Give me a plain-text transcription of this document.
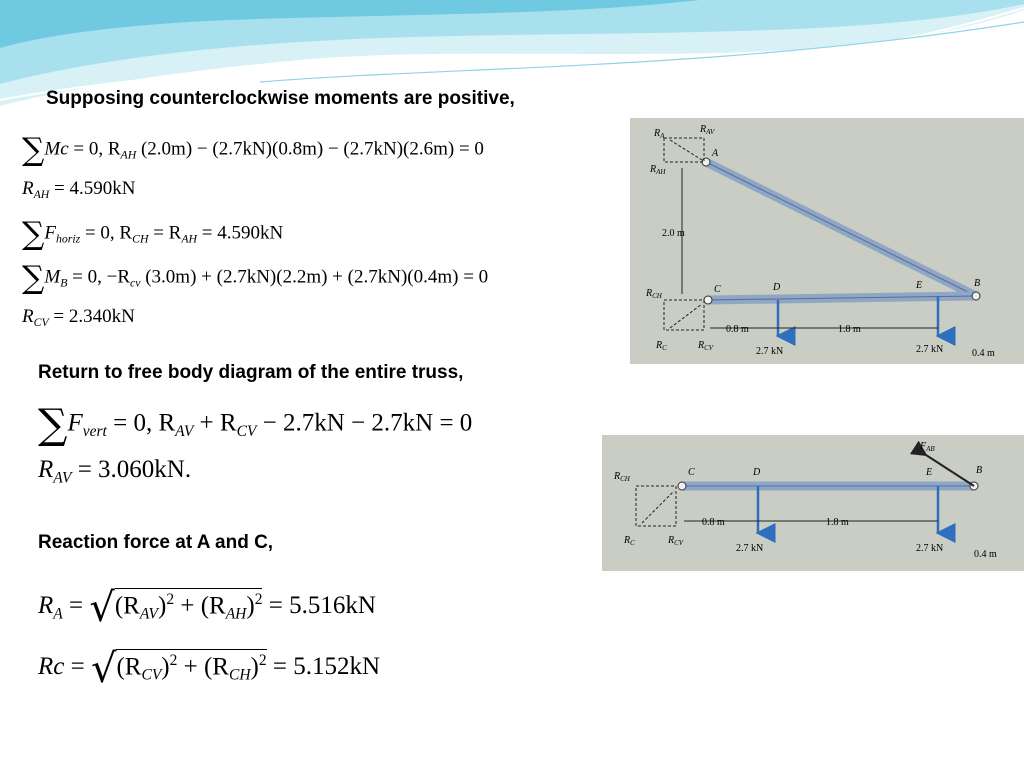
Supposing counterclockwise moments are positive,
Return to free body diagram of the entire truss,
Reaction force at A and C,
∑Mc = 0, $R_{AH}$ (2.0m) − (2.7kN)(0.8m) − (2.7kN)(2.6m) = 0
$R_{AH} = 4.590kN$
$\sum F_{horiz} = 0$, $R_{CH} = R_{AH} = 4.590kN$
$\sum M_B = 0$, $-R_{cv}$ (3.0m) + (2.7kN)(2.2m) + (2.7kN)(0.4m) = 0
$R_{CV} = 2.340kN$
$\sum F_{vert} = 0$, $R_{AV} + R_{CV} - 2.7kN - 2.7kN = 0$
$R_{AV} = 3.060kN$.
$R_A = √(R_{AV})^2 + (R_{AH})^2 = 5.516kN$
$Rc = √(R_{CV})^2 + (R_{CH})^2 = 5.152kN$
$R_A$
$R_{AV}$
A
$R_{AH}$
2.0 m
$R_{CH}$
C	D	E	B
0.8 m	1.8 m
$R_C$	$R_{CV}$	2.7 kN	2.7 kN	0.4 m
$F_{AB}$
$R_{CH}$
C	D	E	B
0.8 m	1.8 m
$R_C$	$R_{CV}$	2.7 kN	2.7 kN
0.4 m
